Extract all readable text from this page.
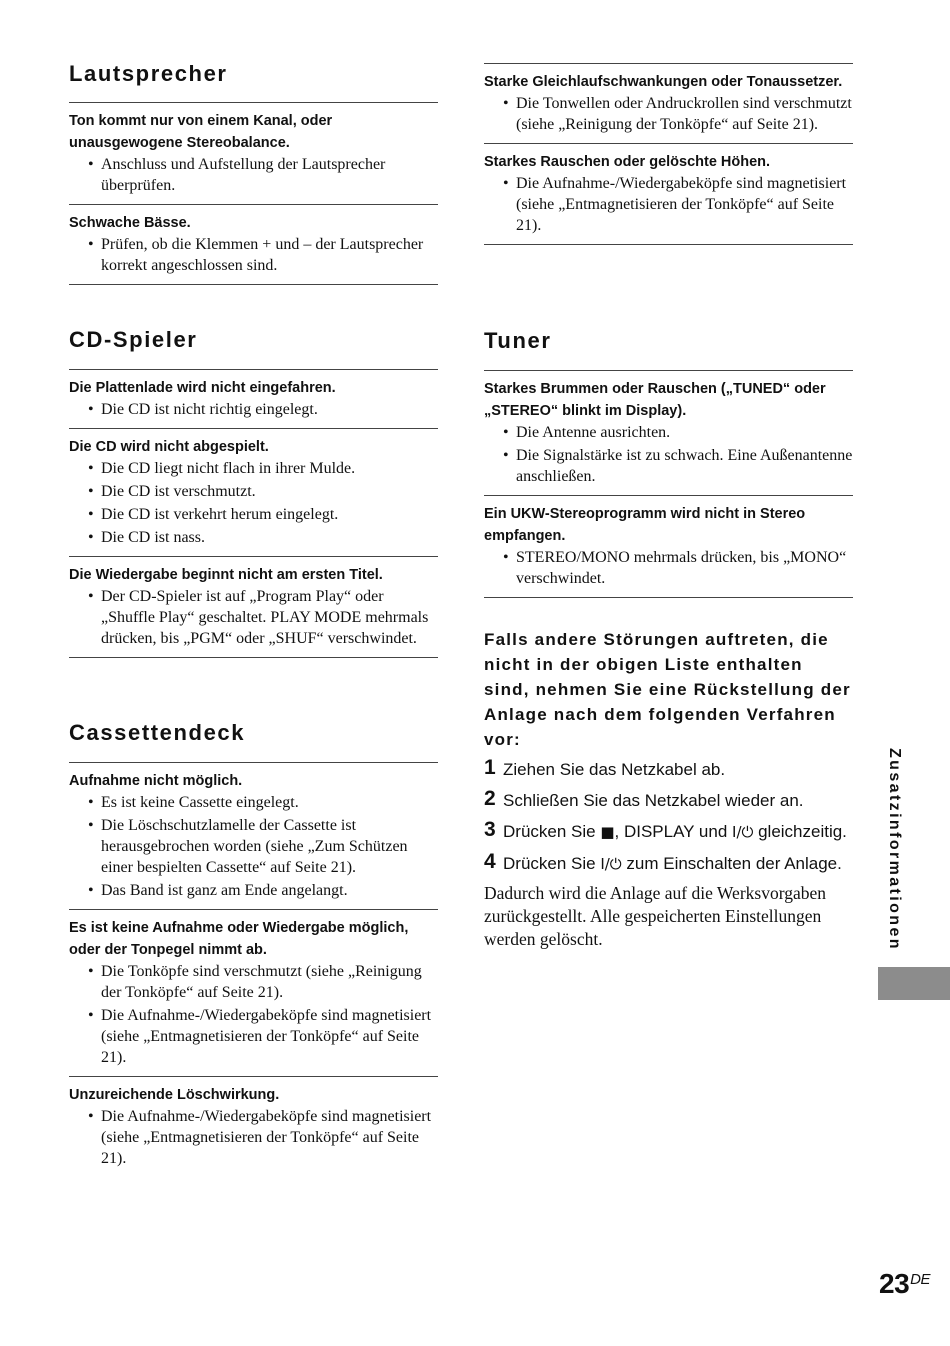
Lautsprecher
Ton kommt nur von einem Kanal, oder unausgewogene Stereobalance.
• Anschluss und Aufstellung der Lautsprecher überprüfen.
Schwache Bässe.
• Prüfen, ob die Klemmen + und – der Lautsprecher korrekt angeschlossen sind.
CD-Spieler
Die Plattenlade wird nicht eingefahren.
• Die CD ist nicht richtig eingelegt.
Die CD wird nicht abgespielt.
• Die CD liegt nicht flach in ihrer Mulde.
• Die CD ist verschmutzt.
• Die CD ist verkehrt herum eingelegt.
• Die CD ist nass.
Die Wiedergabe beginnt nicht am ersten Titel.
• Der CD-Spieler ist auf „Program Play“ oder „Shuffle Play“ geschaltet. PLAY MODE mehrmals drücken, bis „PGM“ oder „SHUF“ verschwindet.
Cassettendeck
Aufnahme nicht möglich.
• Es ist keine Cassette eingelegt.
• Die Löschschutzlamelle der Cassette ist herausgebrochen worden (siehe „Zum Schützen einer bespielten Cassette“ auf Seite 21).
• Das Band ist ganz am Ende angelangt.
Es ist keine Aufnahme oder Wiedergabe möglich, oder der Tonpegel nimmt ab.
• Die Tonköpfe sind verschmutzt (siehe „Reinigung der Tonköpfe“ auf Seite 21).
• Die Aufnahme-/Wiedergabeköpfe sind magnetisiert (siehe „Entmagnetisieren der Tonköpfe“ auf Seite 21).
Unzureichende Löschwirkung.
• Die Aufnahme-/Wiedergabeköpfe sind magnetisiert (siehe „Entmagnetisieren der Tonköpfe“ auf Seite 21).
Starke Gleichlaufschwankungen oder Tonaussetzer.
• Die Tonwellen oder Andruckrollen sind verschmutzt (siehe „Reinigung der Tonköpfe“ auf Seite 21).
Starkes Rauschen oder gelöschte Höhen.
• Die Aufnahme-/Wiedergabeköpfe sind magnetisiert (siehe „Entmagnetisieren der Tonköpfe“ auf Seite 21).
Tuner
Starkes Brummen oder Rauschen („TUNED“ oder „STEREO“ blinkt im Display).
• Die Antenne ausrichten.
• Die Signalstärke ist zu schwach. Eine Außenantenne anschließen.
Ein UKW-Stereoprogramm wird nicht in Stereo empfangen.
• STEREO/MONO mehrmals drücken, bis „MONO“ verschwindet.

Falls andere Störungen auftreten, die nicht in der obigen Liste enthalten sind, nehmen Sie eine Rückstellung der Anlage nach dem folgenden Verfahren vor:

1 Ziehen Sie das Netzkabel ab.
2 Schließen Sie das Netzkabel wieder an.
3 Drücken Sie ■, DISPLAY und I/⏻ gleichzeitig.
4 Drücken Sie I/⏻ zum Einschalten der Anlage.
Dadurch wird die Anlage auf die Werksvorgaben zurückgestellt. Alle gespeicherten Einstellungen werden gelöscht.	Zusatzinformationen
23DE
